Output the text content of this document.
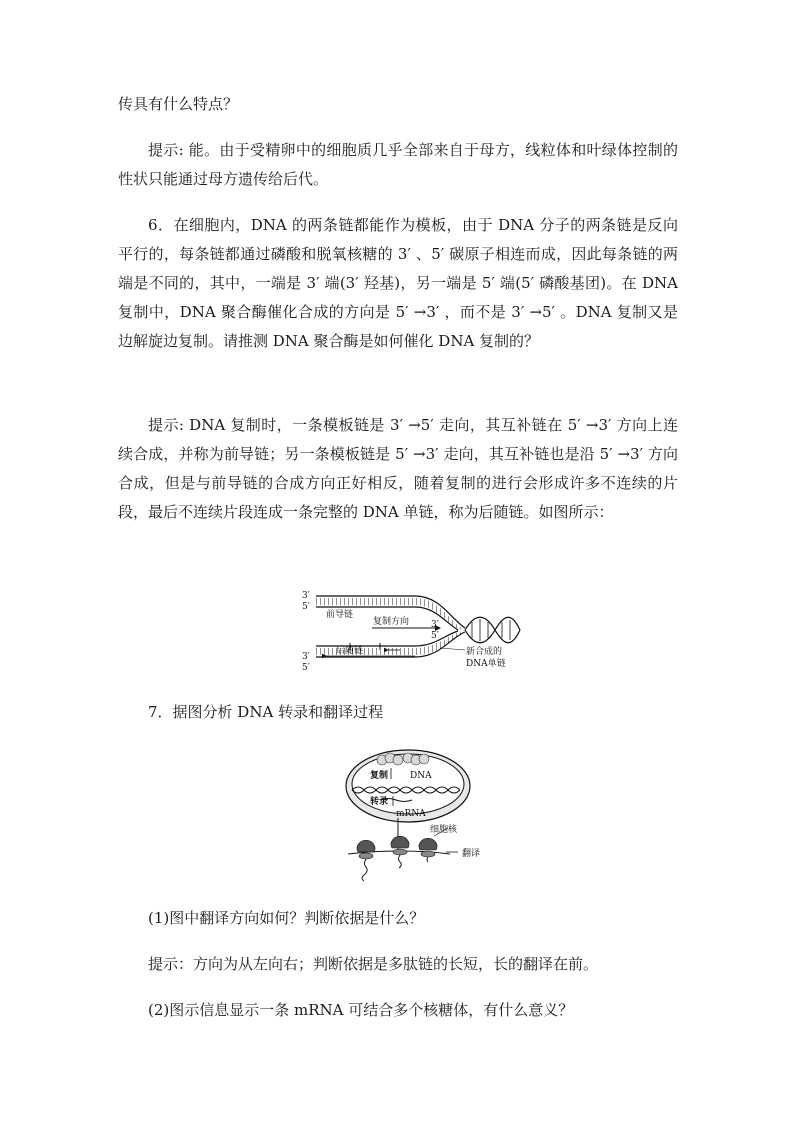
传具有什么特点？

提示: 能。由于受精卵中的细胞质几乎全部来自于母方，线粒体和叶绿体控制的性状只能通过母方遗传给后代。

6．在细胞内，DNA 的两条链都能作为模板，由于 DNA 分子的两条链是反向平行的，每条链都通过磷酸和脱氧核糖的 3′ 、5′ 碳原子相连而成，因此每条链的两端是不同的，其中，一端是 3′ 端(3′ 羟基)，另一端是 5′ 端(5′ 磷酸基团)。在 DNA 复制中，DNA 聚合酶催化合成的方向是 5′ →3′ ，而不是 3′ →5′ 。DNA 复制又是边解旋边复制。请推测 DNA 聚合酶是如何催化 DNA 复制的？

提示: DNA 复制时，一条模板链是 3′ →5′ 走向，其互补链在 5′ →3′ 方向上连续合成，并称为前导链；另一条模板链是 5′ →3′ 走向，其互补链也是沿 5′ →3′ 方向合成，但是与前导链的合成方向正好相反，随着复制的进行会形成许多不连续的片段，最后不连续片段连成一条完整的 DNA 单链，称为后随链。如图所示：

3′
5′
前导链
复制方向 3′
5′
后随链
3′
5′
新合成的
DNA单链

7．据图分析 DNA 转录和翻译过程

复制 DNA
转录
mRNA
细胞核
翻译

(1)图中翻译方向如何？判断依据是什么？

提示：方向为从左向右；判断依据是多肽链的长短，长的翻译在前。

(2)图示信息显示一条 mRNA 可结合多个核糖体，有什么意义？
